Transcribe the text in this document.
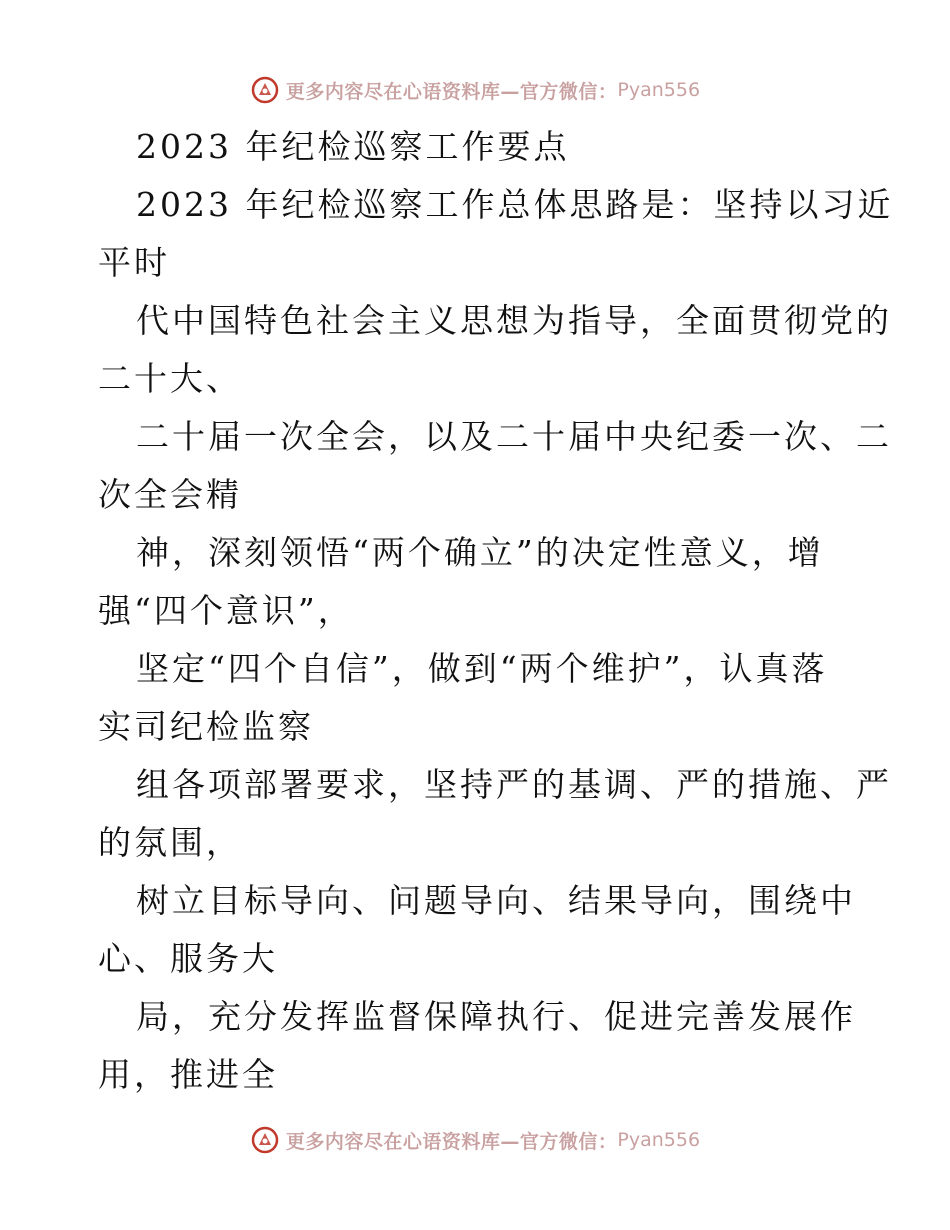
更多内容尽在心语资料库—官方微信： Pyan556
2023 年纪检巡察工作要点
2023 年纪检巡察工作总体思路是：坚持以习近
平时
代中国特色社会主义思想为指导，全面贯彻党的
二十大、
二十届一次全会，以及二十届中央纪委一次、二
次全会精
神，深刻领悟“两个确立”的决定性意义，增
强“四个意识”，
坚定“四个自信”，做到“两个维护”，认真落
实司纪检监察
组各项部署要求，坚持严的基调、严的措施、严
的氛围，
树立目标导向、问题导向、结果导向，围绕中
心、服务大
局，充分发挥监督保障执行、促进完善发展作
用，推进全
更多内容尽在心语资料库—官方微信： Pyan556
